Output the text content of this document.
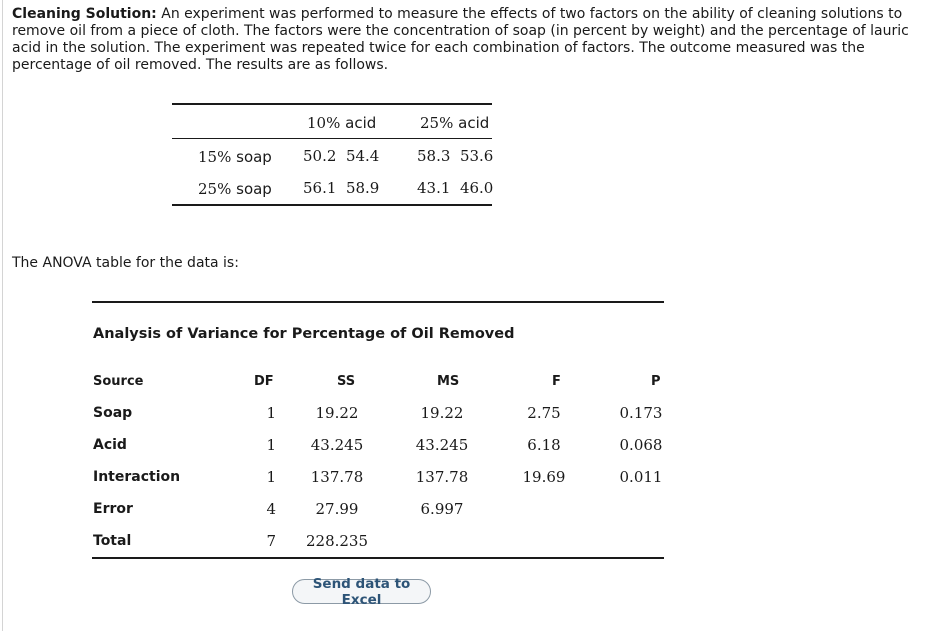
Cleaning Solution: An experiment was performed to measure the effects of two factors on the ability of cleaning solutions to remove oil from a piece of cloth. The factors were the concentration of soap (in percent by weight) and the percentage of lauric acid in the solution. The experiment was repeated twice for each combination of factors. The outcome measured was the percentage of oil removed. The results are as follows.

10% acid	25% acid
15% soap 50.2 54.4	58.3 53.6
25% soap 56.1 58.9	43.1 46.0
The ANOVA table for the data is:
Analysis of Variance for Percentage of Oil Removed
Source	DF	SS	MS	F	P
Soap	1	19.22	19.22	2.75	0.173
Acid	1	43.245	43.245	6.18	0.068
Interaction	1	137.78	137.78	19.69	0.011
Error	4	27.99	6.997
Total	7	228.235
Send data to Excel
